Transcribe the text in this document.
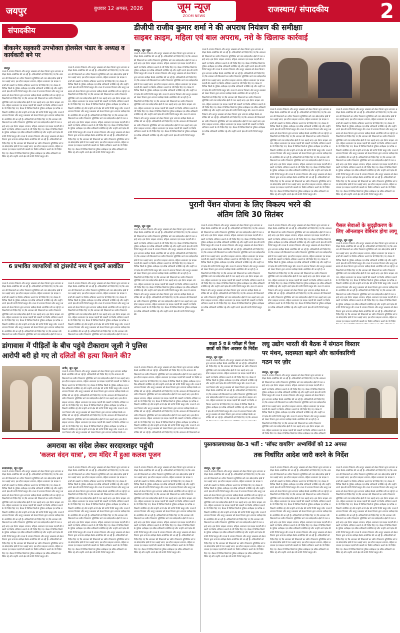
जयपुर	बुधवार 12 अगस्त, 2026	जूम न्यूज़
ZOOM NEWS
राजस्थान/ संपादकीय	2
संपादकीय
बीकानेर सहकारी उपभोक्ता होलसेल भंडार के अध्यक्ष व कार्यकारी बने पर
जयपुर
राज्य में अपराध नियंत्रण और कानून व्यवस्था को लेकर विभाग द्वारा लगातार समीक्षा बैठकें आयोजित की जा रही हैं। अधिकारियों को निर्देश दिए गए कि आमजन की शिकायतों का त्वरित निस्तारण सुनिश्चित करें तथा संवेदनशील क्षेत्रों में गश्त बढ़ाई जाए। इस दौरान साइबर अपराध, महिला अत्याचार एवं मादक पदार्थों की तस्करी पर विशेष अभियान चलाने के भी निर्देश दिए गए। बैठक में विभिन्न जिलों के पुलिस अधीक्षक एवं वरिष्ठ अधिकारी उपस्थित रहे और उन्होंने अपने क्षेत्र की प्रगति रिपोर्ट प्रस्तुत की। राज्य में अपराध नियंत्रण और कानून व्यवस्था को लेकर विभाग द्वारा लगातार समीक्षा बैठकें आयोजित की जा रही हैं। अधिकारियों को निर्देश दिए गए कि आमजन की शिकायतों का त्वरित निस्तारण सुनिश्चित करें तथा संवेदनशील क्षेत्रों में गश्त बढ़ाई जाए। इस दौरान साइबर अपराध, महिला अत्याचार एवं मादक पदार्थों की तस्करी पर विशेष अभियान चलाने के भी निर्देश दिए गए। बैठक में विभिन्न जिलों के पुलिस अधीक्षक एवं वरिष्ठ अधिकारी उपस्थित रहे और उन्होंने अपने क्षेत्र की प्रगति रिपोर्ट प्रस्तुत की। राज्य में अपराध नियंत्रण और कानून व्यवस्था को लेकर विभाग द्वारा लगातार समीक्षा बैठकें आयोजित की जा रही हैं। अधिकारियों को निर्देश दिए गए कि आमजन की शिकायतों का त्वरित निस्तारण सुनिश्चित करें तथा संवेदनशील क्षेत्रों में गश्त बढ़ाई जाए। इस दौरान साइबर अपराध, महिला अत्याचार एवं मादक पदार्थों की तस्करी पर विशेष अभियान चलाने के भी निर्देश दिए गए। बैठक में विभिन्न जिलों के पुलिस अधीक्षक एवं वरिष्ठ अधिकारी उपस्थित रहे और उन्होंने अपने क्षेत्र की प्रगति रिपोर्ट प्रस्तुत की। राज्य में अपराध नियंत्रण और कानून व्यवस्था को लेकर विभाग द्वारा लगातार समीक्षा बैठकें आयोजित की जा रही हैं। अधिकारियों को निर्देश दिए गए कि आमजन की शिकायतों का त्वरित निस्तारण सुनिश्चित करें तथा संवेदनशील क्षेत्रों में गश्त बढ़ाई जाए। इस दौरान साइबर अपराध, महिला अत्याचार एवं मादक पदार्थों की तस्करी पर विशेष अभियान चलाने के भी निर्देश दिए गए। बैठक में विभिन्न जिलों के पुलिस अधीक्षक एवं वरिष्ठ अधिकारी उपस्थित रहे और उन्होंने अपने क्षेत्र की प्रगति रिपोर्ट प्रस्तुत की।
राज्य में अपराध नियंत्रण और कानून व्यवस्था को लेकर विभाग द्वारा लगातार समीक्षा बैठकें आयोजित की जा रही हैं। अधिकारियों को निर्देश दिए गए कि आमजन की शिकायतों का त्वरित निस्तारण सुनिश्चित करें तथा संवेदनशील क्षेत्रों में गश्त बढ़ाई जाए। इस दौरान साइबर अपराध, महिला अत्याचार एवं मादक पदार्थों की तस्करी पर विशेष अभियान चलाने के भी निर्देश दिए गए। बैठक में विभिन्न जिलों के पुलिस अधीक्षक एवं वरिष्ठ अधिकारी उपस्थित रहे और उन्होंने अपने क्षेत्र की प्रगति रिपोर्ट प्रस्तुत की। राज्य में अपराध नियंत्रण और कानून व्यवस्था को लेकर विभाग द्वारा लगातार समीक्षा बैठकें आयोजित की जा रही हैं। अधिकारियों को निर्देश दिए गए कि आमजन की शिकायतों का त्वरित निस्तारण सुनिश्चित करें तथा संवेदनशील क्षेत्रों में गश्त बढ़ाई जाए। इस दौरान साइबर अपराध, महिला अत्याचार एवं मादक पदार्थों की तस्करी पर विशेष अभियान चलाने के भी निर्देश दिए गए। बैठक में विभिन्न जिलों के पुलिस अधीक्षक एवं वरिष्ठ अधिकारी उपस्थित रहे और उन्होंने अपने क्षेत्र की प्रगति रिपोर्ट प्रस्तुत की। राज्य में अपराध नियंत्रण और कानून व्यवस्था को लेकर विभाग द्वारा लगातार समीक्षा बैठकें आयोजित की जा रही हैं। अधिकारियों को निर्देश दिए गए कि आमजन की शिकायतों का त्वरित निस्तारण सुनिश्चित करें तथा संवेदनशील क्षेत्रों में गश्त बढ़ाई जाए। इस दौरान साइबर अपराध, महिला अत्याचार एवं मादक पदार्थों की तस्करी पर विशेष अभियान चलाने के भी निर्देश दिए गए। बैठक में विभिन्न जिलों के पुलिस अधीक्षक एवं वरिष्ठ अधिकारी उपस्थित रहे और उन्होंने अपने क्षेत्र की प्रगति रिपोर्ट प्रस्तुत की। राज्य में अपराध नियंत्रण और कानून व्यवस्था को लेकर विभाग द्वारा लगातार समीक्षा बैठकें आयोजित की जा रही हैं। अधिकारियों को निर्देश दिए गए कि आमजन की शिकायतों का त्वरित निस्तारण सुनिश्चित करें तथा संवेदनशील क्षेत्रों में गश्त बढ़ाई जाए। इस दौरान साइबर अपराध, महिला अत्याचार एवं मादक पदार्थों की तस्करी पर विशेष अभियान चलाने के भी निर्देश दिए गए। बैठक में विभिन्न जिलों के पुलिस अधीक्षक एवं वरिष्ठ अधिकारी उपस्थित रहे और उन्होंने अपने क्षेत्र की प्रगति रिपोर्ट प्रस्तुत की।
6 प्रभावित व्यापारियों को ट्रांसपोर्ट नगर में दुकानें आवंटित
राज्य में अपराध नियंत्रण और कानून व्यवस्था को लेकर विभाग द्वारा लगातार समीक्षा बैठकें आयोजित की जा रही हैं। अधिकारियों को निर्देश दिए गए कि आमजन की शिकायतों का त्वरित निस्तारण सुनिश्चित करें तथा संवेदनशील क्षेत्रों में गश्त बढ़ाई जाए। इस दौरान साइबर अपराध, महिला अत्याचार एवं मादक पदार्थों की तस्करी पर विशेष अभियान चलाने के भी निर्देश दिए गए। बैठक में विभिन्न जिलों के पुलिस अधीक्षक एवं वरिष्ठ अधिकारी उपस्थित रहे और उन्होंने अपने क्षेत्र की प्रगति रिपोर्ट प्रस्तुत की। राज्य में अपराध नियंत्रण और कानून व्यवस्था को लेकर विभाग द्वारा लगातार समीक्षा बैठकें आयोजित की जा रही हैं। अधिकारियों को निर्देश दिए गए कि आमजन की शिकायतों का त्वरित निस्तारण सुनिश्चित करें तथा संवेदनशील क्षेत्रों में गश्त बढ़ाई जाए। इस दौरान साइबर अपराध, महिला अत्याचार एवं मादक पदार्थों की तस्करी पर विशेष अभियान चलाने के भी निर्देश दिए गए। बैठक में विभिन्न जिलों के पुलिस अधीक्षक एवं वरिष्ठ अधिकारी उपस्थित रहे और उन्होंने अपने क्षेत्र की प्रगति रिपोर्ट प्रस्तुत की। राज्य में अपराध नियंत्रण और कानून व्यवस्था को लेकर विभाग द्वारा लगातार समीक्षा बैठकें आयोजित की जा रही हैं। अधिकारियों को निर्देश दिए गए कि आमजन की शिकायतों का त्वरित निस्तारण सुनिश्चित करें तथा संवेदनशील क्षेत्रों में गश्त ब
राज्य में अपराध नियंत्रण और कानून व्यवस्था को लेकर विभाग द्वारा लगातार समीक्षा बैठकें आयोजित की जा रही हैं। अधिकारियों को निर्देश दिए गए कि आमजन की शिकायतों का त्वरित निस्तारण सुनिश्चित करें तथा संवेदनशील क्षेत्रों में गश्त बढ़ाई जाए। इस दौरान साइबर अपराध, महिला अत्याचार एवं मादक पदार्थों की तस्करी पर विशेष अभियान चलाने के भी निर्देश दिए गए। बैठक में विभिन्न जिलों के पुलिस अधीक्षक एवं वरिष्ठ अधिकारी उपस्थित रहे और उन्होंने अपने क्षेत्र की प्रगति रिपोर्ट प्रस्तुत की। राज्य में अपराध नियंत्रण और कानून व्यवस्था को लेकर विभाग द्वारा लगातार समीक्षा बैठकें आयोजित की जा रही हैं। अधिकारियों को निर्देश दिए गए कि आमजन की शिकायतों का त्वरित निस्तारण सुनिश्चित करें तथा संवेदनशील क्षेत्रों में गश्त बढ़ाई जाए। इस दौरान साइबर अपराध, महिला अत्याचार एवं मादक पदार्थों की तस्करी पर विशेष अभियान चलाने के भी निर्देश दिए गए। बैठक में विभिन्न जिलों के पुलिस अधीक्षक एवं वरिष्ठ अधिकारी उपस्थित रहे और उन्होंने अपने क्षेत्र की प्रगति रिपोर्ट प्रस्तुत की। राज्य में अपराध नियंत्रण और कानून व्यवस्था को लेकर विभाग द्वारा लगातार समीक्षा बैठकें आयोजित की जा रही हैं। अधिकारियों को निर्देश दिए गए कि आमजन की शिकायतों का त्वरित निस्तारण सुनिश्चित करें तथा संवेदनशील क्षेत्रों में गश्त ब
डीजीपी राजीव कुमार शर्मा ने की अपराध नियंत्रण की समीक्षाः
साइबर क्राइम, महिला एवं बाल अपराध, नशे के खिलाफ कार्रवाई
जयपुर, जूम न्यूज़
राज्य में अपराध नियंत्रण और कानून व्यवस्था को लेकर विभाग द्वारा लगातार समीक्षा बैठकें आयोजित की जा रही हैं। अधिकारियों को निर्देश दिए गए कि आमजन की शिकायतों का त्वरित निस्तारण सुनिश्चित करें तथा संवेदनशील क्षेत्रों में गश्त बढ़ाई जाए। इस दौरान साइबर अपराध, महिला अत्याचार एवं मादक पदार्थों की तस्करी पर विशेष अभियान चलाने के भी निर्देश दिए गए। बैठक में विभिन्न जिलों के पुलिस अधीक्षक एवं वरिष्ठ अधिकारी उपस्थित रहे और उन्होंने अपने क्षेत्र की प्रगति रिपोर्ट प्रस्तुत की। राज्य में अपराध नियंत्रण और कानून व्यवस्था को लेकर विभाग द्वारा लगातार समीक्षा बैठकें आयोजित की जा रही हैं। अधिकारियों को निर्देश दिए गए कि आमजन की शिकायतों का त्वरित निस्तारण सुनिश्चित करें तथा संवेदनशील क्षेत्रों में गश्त बढ़ाई जाए। इस दौरान साइबर अपराध, महिला अत्याचार एवं मादक पदार्थों की तस्करी पर विशेष अभियान चलाने के भी निर्देश दिए गए। बैठक में विभिन्न जिलों के पुलिस अधीक्षक एवं वरिष्ठ अधिकारी उपस्थित रहे और उन्होंने अपने क्षेत्र की प्रगति रिपोर्ट प्रस्तुत की। राज्य में अपराध नियंत्रण और कानून व्यवस्था को लेकर विभाग द्वारा लगातार समीक्षा बैठकें आयोजित की जा रही हैं। अधिकारियों को निर्देश दिए गए कि आमजन की शिकायतों का त्वरित निस्तारण सुनिश्चित करें तथा संवेदनशील क्षेत्रों में गश्त बढ़ाई जाए। इस दौरान साइबर अपराध, महिला अत्याचार एवं मादक पदार्थों की तस्करी पर विशेष अभियान चलाने के भी निर्देश दिए गए। बैठक में विभिन्न जिलों के पुलिस अधीक्षक एवं वरिष्ठ अधिकारी उपस्थित रहे और उन्होंने अपने क्षेत्र की प्रगति रिपोर्ट प्रस्तुत की। राज्य में अपराध नियंत्रण और कानून व्यवस्था को लेकर विभाग द्वारा लगातार समीक्षा बैठकें आयोजित की जा रही हैं। अधिकारियों को निर्देश दिए गए कि आमजन की शिकायतों का त्वरित निस्तारण सुनिश्चित करें तथा संवेदनशील क्षेत्रों में गश्त बढ़ाई जाए। इस दौरान साइबर अपराध, महिला अत्याचार एवं मादक पदार्थों की तस्करी पर विशेष अभियान चलाने के भी निर्देश दिए गए। बैठक में विभिन्न जिलों के पुलिस अधीक्षक एवं वरिष्ठ अधिकारी उपस्थित रहे और उन्होंने अपने क्षेत्र की प्रगति रिपोर्ट प्रस्तुत की।
राज्य में अपराध नियंत्रण और कानून व्यवस्था को लेकर विभाग द्वारा लगातार समीक्षा बैठकें आयोजित की जा रही हैं। अधिकारियों को निर्देश दिए गए कि आमजन की शिकायतों का त्वरित निस्तारण सुनिश्चित करें तथा संवेदनशील क्षेत्रों में गश्त बढ़ाई जाए। इस दौरान साइबर अपराध, महिला अत्याचार एवं मादक पदार्थों की तस्करी पर विशेष अभियान चलाने के भी निर्देश दिए गए। बैठक में विभिन्न जिलों के पुलिस अधीक्षक एवं वरिष्ठ अधिकारी उपस्थित रहे और उन्होंने अपने क्षेत्र की प्रगति रिपोर्ट प्रस्तुत की। राज्य में अपराध नियंत्रण और कानून व्यवस्था को लेकर विभाग द्वारा लगातार समीक्षा बैठकें आयोजित की जा रही हैं। अधिकारियों को निर्देश दिए गए कि आमजन की शिकायतों का त्वरित निस्तारण सुनिश्चित करें तथा संवेदनशील क्षेत्रों में गश्त बढ़ाई जाए। इस दौरान साइबर अपराध, महिला अत्याचार एवं मादक पदार्थों की तस्करी पर विशेष अभियान चलाने के भी निर्देश दिए गए। बैठक में विभिन्न जिलों के पुलिस अधीक्षक एवं वरिष्ठ अधिकारी उपस्थित रहे और उन्होंने अपने क्षेत्र की प्रगति रिपोर्ट प्रस्तुत की। राज्य में अपराध नियंत्रण और कानून व्यवस्था को लेकर विभाग द्वारा लगातार समीक्षा बैठकें आयोजित की जा रही हैं। अधिकारियों को निर्देश दिए गए कि आमजन की शिकायतों का त्वरित निस्तारण सुनिश्चित करें तथा संवेदनशील क्षेत्रों में गश्त बढ़ाई जाए। इस दौरान साइबर अपराध, महिला अत्याचार एवं मादक पदार्थों की तस्करी पर विशेष अभियान चलाने के भी निर्देश दिए गए। बैठक में विभिन्न जिलों के पुलिस अधीक्षक एवं वरिष्ठ अधिकारी उपस्थित रहे और उन्होंने अपने क्षेत्र की प्रगति रिपोर्ट प्रस्तुत की। राज्य में अपराध नियंत्रण और कानून व्यवस्था को लेकर विभाग द्वारा लगातार समीक्षा बैठकें आयोजित की जा रही हैं। अधिकारियों को निर्देश दिए गए कि आमजन की शिकायतों का त्वरित निस्तारण सुनिश्चित करें तथा संवेदनशील क्षेत्रों में गश्त बढ़ाई जाए। इस दौरान साइबर अपराध, महिला अत्याचार एवं मादक पदार्थों की तस्करी पर विशेष अभियान चलाने के भी निर्देश दिए गए। बैठक में विभिन्न जिलों के पुलिस अधीक्षक एवं वरिष्ठ अधिकारी उपस्थित रहे और उन्होंने अपने क्षेत्र की प्रगति रिपोर्ट प्रस्तुत की।
राज्य में अपराध नियंत्रण और कानून व्यवस्था को लेकर विभाग द्वारा लगातार समीक्षा बैठकें आयोजित की जा रही हैं। अधिकारियों को निर्देश दिए गए कि आमजन की शिकायतों का त्वरित निस्तारण सुनिश्चित करें तथा संवेदनशील क्षेत्रों में गश्त बढ़ाई जाए। इस दौरान साइबर अपराध, महिला अत्याचार एवं मादक पदार्थों की तस्करी पर विशेष अभियान चलाने के भी निर्देश दिए गए। बैठक में विभिन्न जिलों के पुलिस अधीक्षक एवं वरिष्ठ अधिकारी उपस्थित रहे और उन्होंने अपने क्षेत्र की प्रगति रिपोर्ट प्रस्तुत की। राज्य में अपराध नियंत्रण और कानून व्यवस्था को लेकर विभाग द्वारा लगातार समीक्षा बैठकें आयोजित की जा रही हैं। अधिकारियों को निर्देश दिए गए कि आमजन की शिकायतों का त्वरित निस्तारण सुनिश्चित करें तथा संवेदनशील क्षेत्रों में गश्त बढ़ाई जाए। इस दौरान साइबर अपराध, महिला अत्याचार एवं मादक पदार्थों की तस्करी पर विशेष अभियान चलाने के भी निर्देश दिए गए। बैठक में विभिन्न जिलों के पुलिस अधीक्षक एवं वरिष्ठ अधिकारी उपस्थित रहे और उन्होंने अपने क्षेत्र की प्रगति रिपोर्ट प्रस्तुत की। राज्य में अपराध नियंत्रण और कानून व्यवस्था को लेकर विभाग द्वारा लगातार समीक्षा बैठकें आयोजित की जा रही हैं। अधिकारियों को निर्देश दिए गए कि आमजन की शिकायतों का त्वरित निस्तारण सुनिश्चित करें तथा संवेदनशील क्षेत्रों में गश्त बढ़ाई जाए। इस दौरान साइबर अपराध, महिला अत्याचार एवं मादक पदार्थों की तस्करी पर विशेष अभियान चलाने के भी निर्देश दिए गए। बैठक में विभिन्न जिलों के पुलिस अधीक्षक एवं वरिष्ठ अधिकारी उपस्थित रहे और उन्होंने अपने क्षेत्र की प्रगति रिपोर्ट प्रस्तुत की। राज्य में अपराध नियंत्रण और कानून व्यवस्था को लेकर विभाग द्वारा लगातार समीक्षा बैठकें आयोजित की जा रही हैं। अधिकारियों को निर्देश दिए गए कि आमजन की शिकायतों का त्वरित निस्तारण सुनिश्चित करें तथा संवेदनशील क्षेत्रों में गश्त बढ़ाई जाए। इस दौरान साइबर अपराध, महिला अत्याचार एवं मादक पदार्थों की तस्करी पर विशेष अभियान चलाने के भी निर्देश दिए गए। बैठक में विभिन्न जिलों के पुलिस अधीक्षक एवं वरिष्ठ अधिकारी उपस्थित रहे और उन्होंने अपने क्षेत्र की प्रगति रिपोर्ट प्रस्तुत की।
राज्य में अपराध नियंत्रण और कानून व्यवस्था को लेकर विभाग द्वारा लगातार समीक्षा बैठकें आयोजित की जा रही हैं। अधिकारियों को निर्देश दिए गए कि आमजन की शिकायतों का त्वरित निस्तारण सुनिश्चित करें तथा संवेदनशील क्षेत्रों में गश्त बढ़ाई जाए। इस दौरान साइबर अपराध, महिला अत्याचार एवं मादक पदार्थों की तस्करी पर विशेष अभियान चलाने के भी निर्देश दिए गए। बैठक में विभिन्न जिलों के पुलिस अधीक्षक एवं वरिष्ठ अधिकारी उपस्थित रहे और उन्होंने अपने क्षेत्र की प्रगति रिपोर्ट प्रस्तुत की। राज्य में अपराध नियंत्रण और कानून व्यवस्था को लेकर विभाग द्वारा लगातार समीक्षा बैठकें आयोजित की जा रही हैं। अधिकारियों को निर्देश दिए गए कि आमजन की शिकायतों का त्वरित निस्तारण सुनिश्चित करें तथा संवेदनशील क्षेत्रों में गश्त बढ़ाई जाए। इस दौरान साइबर अपराध, महिला अत्याचार एवं मादक पदार्थों की तस्करी पर विशेष अभियान चलाने के भी निर्देश दिए गए। बैठक में विभिन्न जिलों के पुलिस अधीक्षक एवं वरिष्ठ अधिकारी उपस्थित रहे और उन्होंने अपने क्षेत्र की प्रगति रिपोर्ट प्रस्तुत की। राज्य में अपराध नियंत्रण और कानून व्यवस्था को लेकर विभाग द्वारा लगातार समीक्षा बैठकें आयोजित की जा रही हैं। अधिकारियों को निर्देश दिए गए कि आमजन की शिकायतों का त्वरित निस्तारण सुनिश्चित करें तथा संवेदनशील क्षेत्रों में गश्त बढ़ाई जाए। इस दौरान साइबर अपराध, महिला अत्याचार एवं मादक पदार्थों की तस्करी पर विशेष अभियान चलाने के भी निर्देश दिए गए। बैठक में विभिन्न जिलों के पुलिस अधीक्षक एवं वरिष्ठ अधिकारी उपस्थित रहे और उन्होंने अपने क्षेत्र की प्रगति रिपोर्ट प्रस्तुत की। राज्य में अपराध नियंत्रण और कानून व्यवस्था को लेकर विभाग द्वारा लगातार समीक्षा बैठकें आयोजित की जा रही हैं। अधिकारियों को निर्देश दिए गए कि आमजन की शिकायतों का त्वरित निस्तारण सुनिश्चित करें तथा संवेदनशील क्षेत्रों में गश्त बढ़ाई जाए। इस दौरान साइबर अपराध, महिला अत्याचार एवं मादक पदार्थों की तस्करी पर विशेष अभियान चलाने के भी निर्देश दिए गए। बैठक में विभिन्न जिलों के पुलिस अधीक्षक एवं वरिष्ठ अधिकारी उपस्थित रहे और उन्होंने अपने क्षेत्र की प्रगति रिपोर्ट प्रस्तुत की।
पुरानी पेंशन योजना के लिए विकल्प भरने की
अंतिम तिथि 30 सितंबर
जयपुर, जूम न्यूज़
राज्य में अपराध नियंत्रण और कानून व्यवस्था को लेकर विभाग द्वारा लगातार समीक्षा बैठकें आयोजित की जा रही हैं। अधिकारियों को निर्देश दिए गए कि आमजन की शिकायतों का त्वरित निस्तारण सुनिश्चित करें तथा संवेदनशील क्षेत्रों में गश्त बढ़ाई जाए। इस दौरान साइबर अपराध, महिला अत्याचार एवं मादक पदार्थों की तस्करी पर विशेष अभियान चलाने के भी निर्देश दिए गए। बैठक में विभिन्न जिलों के पुलिस अधीक्षक एवं वरिष्ठ अधिकारी उपस्थित रहे और उन्होंने अपने क्षेत्र की प्रगति रिपोर्ट प्रस्तुत की। राज्य में अपराध नियंत्रण और कानून व्यवस्था को लेकर विभाग द्वारा लगातार समीक्षा बैठकें आयोजित की जा रही हैं। अधिकारियों को निर्देश दिए गए कि आमजन की शिकायतों का त्वरित निस्तारण सुनिश्चित करें तथा संवेदनशील क्षेत्रों में गश्त बढ़ाई जाए। इस दौरान साइबर अपराध, महिला अत्याचार एवं मादक पदार्थों की तस्करी पर विशेष अभियान चलाने के भी निर्देश दिए गए। बैठक में विभिन्न जिलों के पुलिस अधीक्षक एवं वरिष्ठ अधिकारी उपस्थित रहे और उन्होंने अपने क्षेत्र की प्रगति रिपोर्ट प्रस्तुत की। राज्य में अपराध नियंत्रण और कानून व्यवस्था को लेकर विभाग द्वारा लगातार समीक्षा बैठकें आयोजित की जा रही हैं। अधिकारियों को निर्देश दिए गए कि आमजन की शिकायतों का त्वरित निस्तारण सुनिश्चित करें तथा संवेदनशील क्षेत्रों में गश्त बढ़ाई जाए। इस दौरान साइबर अपराध, महिला अत्याचार एवं मादक पदार्थों की तस्करी पर विशेष अभियान चलाने के भी निर्देश दिए गए। बैठक में विभिन्न जिलों के पुलिस अधीक्षक एवं वरिष्ठ अधिकारी उपस्थित रहे और उन्होंने अपने क्षेत्र की प्रगति रिपोर्ट प्रस्तुत की। राज्य में अपराध नियंत्रण और कानून व्यवस्था को लेकर विभाग द्वारा लगातार समीक्षा बैठकें आयोजित की जा रही हैं। अधिकारियों को निर्देश दिए गए कि आमजन की शिकायतों का त्वरित निस्तारण सुनिश्चित करें तथा संवेदनशील क्षेत्रों में गश्त बढ़ाई जाए। इस दौरान साइबर अपराध, महिला अत्याचार एवं मादक पदार्थों की तस्करी पर विशेष अभियान चलाने के भी निर्देश दिए गए। बैठक में विभिन्न जिलों के पुलिस अधीक्षक एवं वरिष्ठ अधिकारी उपस्थित रहे और उन्होंने अपने क्षेत्र की प्रगति रिपोर्ट प्रस्तुत की।
राज्य में अपराध नियंत्रण और कानून व्यवस्था को लेकर विभाग द्वारा लगातार समीक्षा बैठकें आयोजित की जा रही हैं। अधिकारियों को निर्देश दिए गए कि आमजन की शिकायतों का त्वरित निस्तारण सुनिश्चित करें तथा संवेदनशील क्षेत्रों में गश्त बढ़ाई जाए। इस दौरान साइबर अपराध, महिला अत्याचार एवं मादक पदार्थों की तस्करी पर विशेष अभियान चलाने के भी निर्देश दिए गए। बैठक में विभिन्न जिलों के पुलिस अधीक्षक एवं वरिष्ठ अधिकारी उपस्थित रहे और उन्होंने अपने क्षेत्र की प्रगति रिपोर्ट प्रस्तुत की। राज्य में अपराध नियंत्रण और कानून व्यवस्था को लेकर विभाग द्वारा लगातार समीक्षा बैठकें आयोजित की जा रही हैं। अधिकारियों को निर्देश दिए गए कि आमजन की शिकायतों का त्वरित निस्तारण सुनिश्चित करें तथा संवेदनशील क्षेत्रों में गश्त बढ़ाई जाए। इस दौरान साइबर अपराध, महिला अत्याचार एवं मादक पदार्थों की तस्करी पर विशेष अभियान चलाने के भी निर्देश दिए गए। बैठक में विभिन्न जिलों के पुलिस अधीक्षक एवं वरिष्ठ अधिकारी उपस्थित रहे और उन्होंने अपने क्षेत्र की प्रगति रिपोर्ट प्रस्तुत की। राज्य में अपराध नियंत्रण और कानून व्यवस्था को लेकर विभाग द्वारा लगातार समीक्षा बैठकें आयोजित की जा रही हैं। अधिकारियों को निर्देश दिए गए कि आमजन की शिकायतों का त्वरित निस्तारण सुनिश्चित करें तथा संवेदनशील क्षेत्रों में गश्त बढ़ाई जाए। इस दौरान साइबर अपराध, महिला अत्याचार एवं मादक पदार्थों की तस्करी पर विशेष अभियान चलाने के भी निर्देश दिए गए। बैठक में विभिन्न जिलों के पुलिस अधीक्षक एवं वरिष्ठ अधिकारी उपस्थित रहे और उन्होंने अपने क्षेत्र की प्रगति रिपोर्ट प्रस्तुत की। राज्य में अपराध नियंत्रण और कानून व्यवस्था को लेकर विभाग द्वारा लगातार समीक्षा बैठकें आयोजित की जा रही हैं। अधिकारियों को निर्देश दिए गए कि आमजन की शिकायतों का त्वरित निस्तारण सुनिश्चित करें तथा संवेदनशील क्षेत्रों में गश्त बढ़ाई जाए। इस दौरान साइबर अपराध, महिला अत्याचार एवं मादक पदार्थों की तस्करी पर विशेष अभियान चलाने के भी निर्देश दिए गए। बैठक में विभिन्न जिलों के पुलिस अधीक्षक एवं वरिष्ठ अधिकारी उपस्थित रहे और उन्होंने अपने क्षेत्र की प्रगति रिपोर्ट प्रस्तुत की।
राज्य में अपराध नियंत्रण और कानून व्यवस्था को लेकर विभाग द्वारा लगातार समीक्षा बैठकें आयोजित की जा रही हैं। अधिकारियों को निर्देश दिए गए कि आमजन की शिकायतों का त्वरित निस्तारण सुनिश्चित करें तथा संवेदनशील क्षेत्रों में गश्त बढ़ाई जाए। इस दौरान साइबर अपराध, महिला अत्याचार एवं मादक पदार्थों की तस्करी पर विशेष अभियान चलाने के भी निर्देश दिए गए। बैठक में विभिन्न जिलों के पुलिस अधीक्षक एवं वरिष्ठ अधिकारी उपस्थित रहे और उन्होंने अपने क्षेत्र की प्रगति रिपोर्ट प्रस्तुत की। राज्य में अपराध नियंत्रण और कानून व्यवस्था को लेकर विभाग द्वारा लगातार समीक्षा बैठकें आयोजित की जा रही हैं। अधिकारियों को निर्देश दिए गए कि आमजन की शिकायतों का त्वरित निस्तारण सुनिश्चित करें तथा संवेदनशील क्षेत्रों में गश्त बढ़ाई जाए। इस दौरान साइबर अपराध, महिला अत्याचार एवं मादक पदार्थों की तस्करी पर विशेष अभियान चलाने के भी निर्देश दिए गए। बैठक में विभिन्न जिलों के पुलिस अधीक्षक एवं वरिष्ठ अधिकारी उपस्थित रहे और उन्होंने अपने क्षेत्र की प्रगति रिपोर्ट प्रस्तुत की। राज्य में अपराध नियंत्रण और कानून व्यवस्था को लेकर विभाग द्वारा लगातार समीक्षा बैठकें आयोजित की जा रही हैं। अधिकारियों को निर्देश दिए गए कि आमजन की शिकायतों का त्वरित निस्तारण सुनिश्चित करें तथा संवेदनशील क्षेत्रों में गश्त बढ़ाई जाए। इस दौरान साइबर अपराध, महिला अत्याचार एवं मादक पदार्थों की तस्करी पर विशेष अभियान चलाने के भी निर्देश दिए गए। बैठक में विभिन्न जिलों के पुलिस अधीक्षक एवं वरिष्ठ अधिकारी उपस्थित रहे और उन्होंने अपने क्षेत्र की प्रगति रिपोर्ट प्रस्तुत की। राज्य में अपराध नियंत्रण और कानून व्यवस्था को लेकर विभाग द्वारा लगातार समीक्षा बैठकें आयोजित की जा रही हैं। अधिकारियों को निर्देश दिए गए कि आमजन की शिकायतों का त्वरित निस्तारण सुनिश्चित करें तथा संवेदनशील क्षेत्रों में गश्त बढ़ाई जाए। इस दौरान साइबर अपराध, महिला अत्याचार एवं मादक पदार्थों की तस्करी पर विशेष अभियान चलाने के भी निर्देश दिए गए। बैठक में विभिन्न जिलों के पुलिस अधीक्षक एवं वरिष्ठ अधिकारी उपस्थित रहे और उन्होंने अपने क्षेत्र की प्रगति रिपोर्ट प्रस्तुत की।
पैसल सेवाओं के सुदृढ़ीकरण के लिए ऑनलाइन वेबिनार होगा लागू
जयपुर, जूम न्यूज़
राज्य में अपराध नियंत्रण और कानून व्यवस्था को लेकर विभाग द्वारा लगातार समीक्षा बैठकें आयोजित की जा रही हैं। अधिकारियों को निर्देश दिए गए कि आमजन की शिकायतों का त्वरित निस्तारण सुनिश्चित करें तथा संवेदनशील क्षेत्रों में गश्त बढ़ाई जाए। इस दौरान साइबर अपराध, महिला अत्याचार एवं मादक पदार्थों की तस्करी पर विशेष अभियान चलाने के भी निर्देश दिए गए। बैठक में विभिन्न जिलों के पुलिस अधीक्षक एवं वरिष्ठ अधिकारी उपस्थित रहे और उन्होंने अपने क्षेत्र की प्रगति रिपोर्ट प्रस्तुत की। राज्य में अपराध नियंत्रण और कानून व्यवस्था को लेकर विभाग द्वारा लगातार समीक्षा बैठकें आयोजित की जा रही हैं। अधिकारियों को निर्देश दिए गए कि आमजन की शिकायतों का त्वरित निस्तारण सुनिश्चित करें तथा संवेदनशील क्षेत्रों में गश्त बढ़ाई जाए। इस दौरान साइबर अपराध, महिला अत्याचार एवं मादक पदार्थों की तस्करी पर विशेष अभियान चलाने के भी निर्देश दिए गए। बैठक में विभिन्न जिलों के पुलिस अधीक्षक एवं वरिष्ठ अधिकारी उपस्थित रहे और उन्होंने अपने क्षेत्र की प्रगति रिपोर्ट प्रस्तुत की। राज्य में अपराध नियंत्रण और कानून व्यवस्था को लेकर विभाग द्वारा लगातार समीक्षा बैठकें आयोजित की जा रही हैं। अधिकारियों को निर्देश दिए गए कि आमजन की शिकायतों का त्वरित निस्तारण सुनिश्चित करें तथा संवेदनशील क्षेत्रों में गश्त बढ़ाई जाए। इस दौरान साइबर अपराध, महिला अत्याचार एवं मादक पदार्थों की तस्करी पर विशेष अभियान चलाने के भी निर्देश दिए गए। बैठक में विभिन्न जिलों के पुलिस अधीक्षक एवं वरिष्ठ अधिकारी उपस्थित रहे और उन्होंने अपने क्षेत्र की प्रगति रिपोर्ट प्रस्तुत की। राज्य में अपराध नियंत्रण और कानून व्यवस्था को लेकर विभाग द्वारा लगातार समीक्षा बैठकें आयोजित की जा रही हैं। अधिकारियों को निर्देश दिए गए कि आमजन की शिकायतों का त्वरित निस्तारण सुनिश्चित करें तथा संवेदनशील क्षेत्रों में गश्त बढ़ाई जाए। इस दौरान साइबर अपराध, महिला अत्याचार एवं मादक पदार्थों की तस्करी पर विशेष अभियान चलाने के भी निर्देश
डांगावास में पीड़ितों के बीच पहुंचे टीकाराम जूली ने पुलिस
आरोपी बरी हो गए तो दलितों की हत्या किसने की?
नागौर, जूम न्यूज़
राज्य में अपराध नियंत्रण और कानून व्यवस्था को लेकर विभाग द्वारा लगातार समीक्षा बैठकें आयोजित की जा रही हैं। अधिकारियों को निर्देश दिए गए कि आमजन की शिकायतों का त्वरित निस्तारण सुनिश्चित करें तथा संवेदनशील क्षेत्रों में गश्त बढ़ाई जाए। इस दौरान साइबर अपराध, महिला अत्याचार एवं मादक पदार्थों की तस्करी पर विशेष अभियान चलाने के भी निर्देश दिए गए। बैठक में विभिन्न जिलों के पुलिस अधीक्षक एवं वरिष्ठ अधिकारी उपस्थित रहे और उन्होंने अपने क्षेत्र की प्रगति रिपोर्ट प्रस्तुत की। राज्य में अपराध नियंत्रण और कानून व्यवस्था को लेकर विभाग द्वारा लगातार समीक्षा बैठकें आयोजित की जा रही हैं। अधिकारियों को निर्देश दिए गए कि आमजन की शिकायतों का त्वरित निस्तारण सुनिश्चित करें तथा संवेदनशील क्षेत्रों में गश्त बढ़ाई जाए। इस दौरान साइबर अपराध, महिला अत्याचार एवं मादक पदार्थों की तस्करी पर विशेष अभियान चलाने के भी निर्देश दिए गए। बैठक में विभिन्न जिलों के पुलिस अधीक्षक एवं वरिष्ठ अधिकारी उपस्थित रहे और उन्होंने अपने क्षेत्र की प्रगति रिपोर्ट प्रस्तुत की। राज्य में अपराध नियंत्रण और कानून व्यवस्था को लेकर विभाग द्वारा लगातार समीक्षा बैठकें आयोजित की जा रही हैं। अधिकारियों को निर्देश दिए गए कि आमजन की शिकायतों का त्वरित निस्तारण सुनिश्चित करें तथा संवेदनशील क्षेत्रों में गश्त बढ़ाई जाए। इस दौरान साइबर अपराध, महिला अत्याचार एवं मादक पदार्थों की तस्करी पर विशेष अभियान चलाने के भी निर्देश दिए गए। बैठक में विभिन्न जिलों के पुलिस अधीक्षक एवं वरिष्ठ अधिकारी उपस्थित रहे और उन्होंने अपने क्षेत्र की प्रगति रिपोर्ट प्रस्तुत की। राज्य में अपराध नियंत्रण और कानून व्यवस्था को लेकर विभाग द्वारा लगातार समीक्षा बैठकें आ
राज्य में अपराध नियंत्रण और कानून व्यवस्था को लेकर विभाग द्वारा लगातार समीक्षा बैठकें आयोजित की जा रही हैं। अधिकारियों को निर्देश दिए गए कि आमजन की शिकायतों का त्वरित निस्तारण सुनिश्चित करें तथा संवेदनशील क्षेत्रों में गश्त बढ़ाई जाए। इस दौरान साइबर अपराध, महिला अत्याचार एवं मादक पदार्थों की तस्करी पर विशेष अभियान चलाने के भी निर्देश दिए गए। बैठक में विभिन्न जिलों के पुलिस अधीक्षक एवं वरिष्ठ अधिकारी उपस्थित रहे और उन्होंने अपने क्षेत्र की प्रगति रिपोर्ट प्रस्तुत की। राज्य में अपराध नियंत्रण और कानून व्यवस्था को लेकर विभाग द्वारा लगातार समीक्षा बैठकें आयोजित की जा रही हैं। अधिकारियों को निर्देश दिए गए कि आमजन की शिकायतों का त्वरित निस्तारण सुनिश्चित करें तथा संवेदनशील क्षेत्रों में गश्त बढ़ाई जाए। इस दौरान साइबर अपराध, महिला अत्याचार एवं मादक पदार्थों की तस्करी पर विशेष अभियान चलाने के भी निर्देश दिए गए। बैठक में विभिन्न जिलों के पुलिस अधीक्षक एवं वरिष्ठ अधिकारी उपस्थित रहे और उन्होंने अपने क्षेत्र की प्रगति रिपोर्ट प्रस्तुत की। राज्य में अपराध नियंत्रण और कानून व्यवस्था को लेकर विभाग द्वारा लगातार समीक्षा बैठकें आयोजित की जा रही हैं। अधिकारियों को निर्देश दिए गए कि आमजन की शिकायतों का त्वरित निस्तारण सुनिश्चित करें तथा संवेदनशील क्षेत्रों में गश्त बढ़ाई जाए। इस दौरान साइबर अपराध, महिला अत्याचार एवं मादक पदार्थों की तस्करी पर विशेष अभियान चलाने के भी निर्देश दिए गए। बैठक में विभिन्न जिलों के पुलिस अधीक्षक एवं वरिष्ठ अधिकारी उपस्थित रहे और उन्होंने अपने क्षेत्र की प्रगति रिपोर्ट प्रस्तुत की। राज्य में अपराध नियंत्रण और कानून व्यवस्था को लेकर विभाग द्वारा लगातार समीक्षा बैठकें आयोजित की जा रही हैं। अधिकारियों को निर्देश दिए गए कि आमजन की शिकायतों का
कक्षा 5 व 8 परीक्षा में फेल छात्रों को फिर अवसर के निर्देश
जयपुर, जूम न्यूज़
राज्य में अपराध नियंत्रण और कानून व्यवस्था को लेकर विभाग द्वारा लगातार समीक्षा बैठकें आयोजित की जा रही हैं। अधिकारियों को निर्देश दिए गए कि आमजन की शिकायतों का त्वरित निस्तारण सुनिश्चित करें तथा संवेदनशील क्षेत्रों में गश्त बढ़ाई जाए। इस दौरान साइबर अपराध, महिला अत्याचार एवं मादक पदार्थों की तस्करी पर विशेष अभियान चलाने के भी निर्देश दिए गए। बैठक में विभिन्न जिलों के पुलिस अधीक्षक एवं वरिष्ठ अधिकारी उपस्थित रहे और उन्होंने अपने क्षेत्र की प्रगति रिपोर्ट प्रस्तुत की। राज्य में अपराध नियंत्रण और कानून व्यवस्था को लेकर विभाग द्वारा लगातार समीक्षा बैठकें आयोजित की जा रही हैं। अधिकारियों को निर्देश दिए गए कि आमजन की शिकायतों का त्वरित निस्तारण सुनिश्चित करें तथा संवेदनशील क्षेत्रों में गश्त बढ़ाई जाए। इस दौरान साइबर अपराध, महिला अत्याचार एवं मादक पदार्थों की तस्करी पर विशेष अभियान चलाने के भी निर्देश दिए गए। बैठक में विभिन्न जिलों के पुलिस अधीक्षक एवं वरिष्ठ अधिकारी उपस्थित रहे और उन्होंने अपने क्षेत्र की प्रगति रिपोर्ट प्रस्तुत की। राज्य में अपराध नियंत्रण और कानून व्यवस्था को लेकर विभाग द्वारा लगातार समीक्षा बैठकें आयोजित की जा रही हैं। अधिकारियों को निर्देश दिए गए कि आमजन
लघु उद्योग भारती की बैठक में संगठन विस्तार
पर मंथन, सदस्यता बढ़ाने और कार्यकारिणी
गठन पर ज़ोर
जयपुर, जूम न्यूज़
राज्य में अपराध नियंत्रण और कानून व्यवस्था को लेकर विभाग द्वारा लगातार समीक्षा बैठकें आयोजित की जा रही हैं। अधिकारियों को निर्देश दिए गए कि आमजन की शिकायतों का त्वरित निस्तारण सुनिश्चित करें तथा संवेदनशील क्षेत्रों में गश्त बढ़ाई जाए। इस दौरान साइबर अपराध, महिला अत्याचार एवं मादक पदार्थों की तस्करी पर विशेष अभियान चलाने के भी निर्देश दिए गए। बैठक में विभिन्न जिलों के पुलिस अधीक्षक एवं वरिष्ठ अधिकारी उपस्थित रहे और उन्होंने अपने क्षेत्र की प्रगति रिपोर्ट प्रस्तुत की। राज्य में अपराध नियंत्रण और कानून व्यवस्था को लेकर विभाग द्वारा लगातार समीक्षा बैठकें आयोजित की जा रही हैं। अधिकारियों को निर्देश दिए गए कि आमजन की शिकायतों का त्वरित निस्तारण सुनिश्चित करें तथा संवेदनशील क्षेत्रों में गश्त बढ़ाई जाए। इस दौरान साइबर अपराध, महिला अत्याचार एवं मादक पदार्थों की तस्करी पर विशेष अभियान चलाने के भी निर्देश दिए गए। बैठक में विभिन्न जिलों के पुलिस अधीक्षक एवं वरिष्ठ अधिकारी उपस्थित रहे और उन्होंने अपने क्षेत्र की प्रगति रिपोर्ट प्रस्तुत की। राज्य में अपराध नियंत्रण और कानून व्यवस्था को लेकर विभाग द्वारा लगातार समीक्षा बैठकें आयोजित की जा रही हैं। अधिकारियों को निर्देश दिए गए कि आमजन की शिकायतों का त्वरित निस्तारण सुनिश्चित करें तथा संवेदनशील क्षेत्रों में गश्त बढ़ाई जाए। इस दौरान साइबर अपराध, महिला अत्याचार एवं मादक पदार्थों की तस्करी पर विशेष अभियान चलाने के भी निर्देश दिए गए। बैठक में विभिन्न जिलों के पुलिस अधीक्षक एवं वरिष्ठ अधिकारी
अमरावा का संदेश लेकर सरदारशहर पहुंची
'कलश वंदन यात्रा', राम मंदिर में हुआ कलश पूजन
सरदारशहर, जूम न्यूज़
राज्य में अपराध नियंत्रण और कानून व्यवस्था को लेकर विभाग द्वारा लगातार समीक्षा बैठकें आयोजित की जा रही हैं। अधिकारियों को निर्देश दिए गए कि आमजन की शिकायतों का त्वरित निस्तारण सुनिश्चित करें तथा संवेदनशील क्षेत्रों में गश्त बढ़ाई जाए। इस दौरान साइबर अपराध, महिला अत्याचार एवं मादक पदार्थों की तस्करी पर विशेष अभियान चलाने के भी निर्देश दिए गए। बैठक में विभिन्न जिलों के पुलिस अधीक्षक एवं वरिष्ठ अधिकारी उपस्थित रहे और उन्होंने अपने क्षेत्र की प्रगति रिपोर्ट प्रस्तुत की। राज्य में अपराध नियंत्रण और कानून व्यवस्था को लेकर विभाग द्वारा लगातार समीक्षा बैठकें आयोजित की जा रही हैं। अधिकारियों को निर्देश दिए गए कि आमजन की शिकायतों का त्वरित निस्तारण सुनिश्चित करें तथा संवेदनशील क्षेत्रों में गश्त बढ़ाई जाए। इस दौरान साइबर अपराध, महिला अत्याचार एवं मादक पदार्थों की तस्करी पर विशेष अभियान चलाने के भी निर्देश दिए गए। बैठक में विभिन्न जिलों के पुलिस अधीक्षक एवं वरिष्ठ अधिकारी उपस्थित रहे और उन्होंने अपने क्षेत्र की प्रगति रिपोर्ट प्रस्तुत की। राज्य में अपराध नियंत्रण और कानून व्यवस्था को लेकर विभाग द्वारा लगातार समीक्षा बैठकें आयोजित की जा रही हैं। अधिकारियों को निर्देश दिए गए कि आमजन की शिकायतों का त्वरित निस्तारण सुनिश्चित करें तथा संवेदनशील क्षेत्रों में गश्त बढ़ाई जाए। इस दौरान साइबर अपराध, महिला अत्याचार एवं मादक पदार्थों की तस्करी पर विशेष अभियान चलाने के भी निर्देश दिए गए। बैठक में विभिन्न जिलों के पुलिस अधीक्षक एवं वरिष्ठ अधिकारी उपस्थित रहे और उन्होंने अपने क्षेत्र की प्रगति रिपोर्ट प्रस्तुत की। राज्य में अपराध नियंत्रण और कानून व्यवस्था को लेकर विभाग द्वारा लगातार समीक्षा बैठकें आयोजित की जा रही हैं। अधिकारियों को निर्देश दिए गए कि आमजन की शिकायतों का त्वरित निस्तारण सुनिश्चित करें तथा संवेदनशील क्षेत्रों में गश्त बढ़ाई जाए। इस दौरान साइबर अपराध, महिला अत्याचार एवं मादक पदार्थों की तस्करी पर विशेष अभियान चलाने के भी निर्देश दिए गए। बैठक में विभिन्न जिलों के पुलिस अधीक्षक एवं वरिष्ठ अधिकारी उपस्थित रहे और उन्होंने अपने क्षेत्र की प्रगति रिपोर्ट प्रस्तुत की।
राज्य में अपराध नियंत्रण और कानून व्यवस्था को लेकर विभाग द्वारा लगातार समीक्षा बैठकें आयोजित की जा रही हैं। अधिकारियों को निर्देश दिए गए कि आमजन की शिकायतों का त्वरित निस्तारण सुनिश्चित करें तथा संवेदनशील क्षेत्रों में गश्त बढ़ाई जाए। इस दौरान साइबर अपराध, महिला अत्याचार एवं मादक पदार्थों की तस्करी पर विशेष अभियान चलाने के भी निर्देश दिए गए। बैठक में विभिन्न जिलों के पुलिस अधीक्षक एवं वरिष्ठ अधिकारी उपस्थित रहे और उन्होंने अपने क्षेत्र की प्रगति रिपोर्ट प्रस्तुत की। राज्य में अपराध नियंत्रण और कानून व्यवस्था को लेकर विभाग द्वारा लगातार समीक्षा बैठकें आयोजित की जा रही हैं। अधिकारियों को निर्देश दिए गए कि आमजन की शिकायतों का त्वरित निस्तारण सुनिश्चित करें तथा संवेदनशील क्षेत्रों में गश्त बढ़ाई जाए। इस दौरान साइबर अपराध, महिला अत्याचार एवं मादक पदार्थों की तस्करी पर विशेष अभियान चलाने के भी निर्देश दिए गए। बैठक में विभिन्न जिलों के पुलिस अधीक्षक एवं वरिष्ठ अधिकारी उपस्थित रहे और उन्होंने अपने क्षेत्र की प्रगति रिपोर्ट प्रस्तुत की। राज्य में अपराध नियंत्रण और कानून व्यवस्था को लेकर विभाग द्वारा लगातार समीक्षा बैठकें आयोजित की जा रही हैं। अधिकारियों को निर्देश दिए गए कि आमजन की शिकायतों का त्वरित निस्तारण सुनिश्चित करें तथा संवेदनशील क्षेत्रों में गश्त बढ़ाई जाए। इस दौरान साइबर अपराध, महिला अत्याचार एवं मादक पदार्थों की तस्करी पर विशेष अभियान चलाने के भी निर्देश दिए गए। बैठक में विभिन्न जिलों के पुलिस अधीक्षक एवं वरिष्ठ अधिकारी उपस्थित रहे और उन्होंने अपने क्षेत्र की प्रगति रिपोर्ट प्रस्तुत की। राज्य में अपराध नियंत्रण और कानून व्यवस्था को लेकर विभाग द्वारा लगातार समीक्षा बैठकें आयोजित की जा रही हैं। अधिकारियों को निर्देश दिए गए कि आमजन की शिकायतों का त्वरित निस्तारण सुनिश्चित करें तथा संवेदनशील क्षेत्रों में गश्त बढ़ाई जाए। इस दौरान साइबर अपराध, महिला अत्याचार एवं मादक पदार्थों की तस्करी पर विशेष अभियान चलाने के भी निर्देश दिए गए। बैठक में विभिन्न जिलों के पुलिस अधीक्षक एवं वरिष्ठ अधिकारी उपस्थित रहे और उन्होंने अपने क्षेत्र की प्रगति रिपोर्ट प्रस्तुत की।
राज्य में अपराध नियंत्रण और कानून व्यवस्था को लेकर विभाग द्वारा लगातार समीक्षा बैठकें आयोजित की जा रही हैं। अधिकारियों को निर्देश दिए गए कि आमजन की शिकायतों का त्वरित निस्तारण सुनिश्चित करें तथा संवेदनशील क्षेत्रों में गश्त बढ़ाई जाए। इस दौरान साइबर अपराध, महिला अत्याचार एवं मादक पदार्थों की तस्करी पर विशेष अभियान चलाने के भी निर्देश दिए गए। बैठक में विभिन्न जिलों के पुलिस अधीक्षक एवं वरिष्ठ अधिकारी उपस्थित रहे और उन्होंने अपने क्षेत्र की प्रगति रिपोर्ट प्रस्तुत की। राज्य में अपराध नियंत्रण और कानून व्यवस्था को लेकर विभाग द्वारा लगातार समीक्षा बैठकें आयोजित की जा रही हैं। अधिकारियों को निर्देश दिए गए कि आमजन की शिकायतों का त्वरित निस्तारण सुनिश्चित करें तथा संवेदनशील क्षेत्रों में गश्त बढ़ाई जाए। इस दौरान साइबर अपराध, महिला अत्याचार एवं मादक पदार्थों की तस्करी पर विशेष अभियान चलाने के भी निर्देश दिए गए। बैठक में विभिन्न जिलों के पुलिस अधीक्षक एवं वरिष्ठ अधिकारी उपस्थित रहे और उन्होंने अपने क्षेत्र की प्रगति रिपोर्ट प्रस्तुत की। राज्य में अपराध नियंत्रण और कानून व्यवस्था को लेकर विभाग द्वारा लगातार समीक्षा बैठकें आयोजित की जा रही हैं। अधिकारियों को निर्देश दिए गए कि आमजन की शिकायतों का त्वरित निस्तारण सुनिश्चित करें तथा संवेदनशील क्षेत्रों में गश्त बढ़ाई जाए। इस दौरान साइबर अपराध, महिला अत्याचार एवं मादक पदार्थों की तस्करी पर विशेष अभियान चलाने के भी निर्देश दिए गए। बैठक में विभिन्न जिलों के पुलिस अधीक्षक एवं वरिष्ठ अधिकारी उपस्थित रहे और उन्होंने अपने क्षेत्र की प्रगति रिपोर्ट प्रस्तुत की। राज्य में अपराध नियंत्रण और कानून व्यवस्था को लेकर विभाग द्वारा लगातार समीक्षा बैठकें आयोजित की जा रही हैं। अधिकारियों को निर्देश दिए गए कि आमजन की शिकायतों का त्वरित निस्तारण सुनिश्चित करें तथा संवेदनशील क्षेत्रों में गश्त बढ़ाई जाए। इस दौरान साइबर अपराध, महिला अत्याचार एवं मादक पदार्थों की तस्करी पर विशेष अभियान चलाने के भी निर्देश दिए गए। बैठक में विभिन्न जिलों के पुलिस अधीक्षक एवं वरिष्ठ अधिकारी उपस्थित रहे और उन्होंने अपने क्षेत्र की प्रगति रिपोर्ट प्रस्तुत की।
पुस्तकालयाध्यक्ष ग्रेड-3 भर्ती : 'सॉफ्ट वायरिंग' अभ्यर्थियों को 12 अगस्त
तक निर्धारित आदेश जारी करने के निर्देश
जयपुर, जूम न्यूज़
राज्य में अपराध नियंत्रण और कानून व्यवस्था को लेकर विभाग द्वारा लगातार समीक्षा बैठकें आयोजित की जा रही हैं। अधिकारियों को निर्देश दिए गए कि आमजन की शिकायतों का त्वरित निस्तारण सुनिश्चित करें तथा संवेदनशील क्षेत्रों में गश्त बढ़ाई जाए। इस दौरान साइबर अपराध, महिला अत्याचार एवं मादक पदार्थों की तस्करी पर विशेष अभियान चलाने के भी निर्देश दिए गए। बैठक में विभिन्न जिलों के पुलिस अधीक्षक एवं वरिष्ठ अधिकारी उपस्थित रहे और उन्होंने अपने क्षेत्र की प्रगति रिपोर्ट प्रस्तुत की। राज्य में अपराध नियंत्रण और कानून व्यवस्था को लेकर विभाग द्वारा लगातार समीक्षा बैठकें आयोजित की जा रही हैं। अधिकारियों को निर्देश दिए गए कि आमजन की शिकायतों का त्वरित निस्तारण सुनिश्चित करें तथा संवेदनशील क्षेत्रों में गश्त बढ़ाई जाए। इस दौरान साइबर अपराध, महिला अत्याचार एवं मादक पदार्थों की तस्करी पर विशेष अभियान चलाने के भी निर्देश दिए गए। बैठक में विभिन्न जिलों के पुलिस अधीक्षक एवं वरिष्ठ अधिकारी उपस्थित रहे और उन्होंने अपने क्षेत्र की प्रगति रिपोर्ट प्रस्तुत की। राज्य में अपराध नियंत्रण और कानून व्यवस्था को लेकर विभाग द्वारा लगातार समीक्षा बैठकें आयोजित की जा रही हैं। अधिकारियों को निर्देश दिए गए कि आमजन की शिकायतों का त्वरित निस्तारण सुनिश्चित करें तथा संवेदनशील क्षेत्रों में गश्त बढ़ाई जाए। इस दौरान साइबर अपराध, महिला अत्याचार एवं मादक पदार्थों की तस्करी पर विशेष अभियान चलाने के भी निर्देश दिए गए। बैठक में विभिन्न जिलों के पुलिस अधीक्षक एवं वरिष्ठ अधिकारी उपस्थित रहे और उन्होंने अपने क्षेत्र की प्रगति रिपोर्ट प्रस्तुत की। राज्य में अपराध नियंत्रण और कानून व्यवस्था को लेकर विभाग द्वारा लगातार समीक्षा बैठकें आयोजित की जा रही हैं। अधिकारियों को निर्देश दिए गए कि आमजन की शिकायतों का त्वरित निस्तारण सुनिश्चित करें तथा संवेदनशील क्षेत्रों में गश्त बढ़ाई जाए। इस दौरान साइबर अपराध, महिला अत्याचार एवं मादक पदार्थों की तस्करी पर विशेष अभियान चलाने के भी निर्देश दिए गए। बैठक में विभिन्न जिलों के पुलिस अधीक्षक एवं वरिष्ठ अधिकारी उपस्थित रहे और उन्होंने अपने क्षेत्र की प्रगति रिपोर्ट प्रस्तुत की।
राज्य में अपराध नियंत्रण और कानून व्यवस्था को लेकर विभाग द्वारा लगातार समीक्षा बैठकें आयोजित की जा रही हैं। अधिकारियों को निर्देश दिए गए कि आमजन की शिकायतों का त्वरित निस्तारण सुनिश्चित करें तथा संवेदनशील क्षेत्रों में गश्त बढ़ाई जाए। इस दौरान साइबर अपराध, महिला अत्याचार एवं मादक पदार्थों की तस्करी पर विशेष अभियान चलाने के भी निर्देश दिए गए। बैठक में विभिन्न जिलों के पुलिस अधीक्षक एवं वरिष्ठ अधिकारी उपस्थित रहे और उन्होंने अपने क्षेत्र की प्रगति रिपोर्ट प्रस्तुत की। राज्य में अपराध नियंत्रण और कानून व्यवस्था को लेकर विभाग द्वारा लगातार समीक्षा बैठकें आयोजित की जा रही हैं। अधिकारियों को निर्देश दिए गए कि आमजन की शिकायतों का त्वरित निस्तारण सुनिश्चित करें तथा संवेदनशील क्षेत्रों में गश्त बढ़ाई जाए। इस दौरान साइबर अपराध, महिला अत्याचार एवं मादक पदार्थों की तस्करी पर विशेष अभियान चलाने के भी निर्देश दिए गए। बैठक में विभिन्न जिलों के पुलिस अधीक्षक एवं वरिष्ठ अधिकारी उपस्थित रहे और उन्होंने अपने क्षेत्र की प्रगति रिपोर्ट प्रस्तुत की। राज्य में अपराध नियंत्रण और कानून व्यवस्था को लेकर विभाग द्वारा लगातार समीक्षा बैठकें आयोजित की जा रही हैं। अधिकारियों को निर्देश दिए गए कि आमजन की शिकायतों का त्वरित निस्तारण सुनिश्चित करें तथा संवेदनशील क्षेत्रों में गश्त बढ़ाई जाए। इस दौरान साइबर अपराध, महिला अत्याचार एवं मादक पदार्थों की तस्करी पर विशेष अभियान चलाने के भी निर्देश दिए गए। बैठक में विभिन्न जिलों के पुलिस अधीक्षक एवं वरिष्ठ अधिकारी उपस्थित रहे और उन्होंने अपने क्षेत्र की प्रगति रिपोर्ट प्रस्तुत की। राज्य में अपराध नियंत्रण और कानून व्यवस्था को लेकर विभाग द्वारा लगातार समीक्षा बैठकें आयोजित की जा रही हैं। अधिकारियों को निर्देश दिए गए कि आमजन की शिकायतों का त्वरित निस्तारण सुनिश्चित करें तथा संवेदनशील क्षेत्रों में गश्त बढ़ाई जाए। इस दौरान साइबर अपराध, महिला अत्याचार एवं मादक पदार्थों की तस्करी पर विशेष अभियान चलाने के भी निर्देश दिए गए। बैठक में विभिन्न जिलों के पुलिस अधीक्षक एवं वरिष्ठ अधिकारी उपस्थित रहे और उन्होंने अपने क्षेत्र की प्रगति रिपोर्ट प्रस्तुत की।
राज्य में अपराध नियंत्रण और कानून व्यवस्था को लेकर विभाग द्वारा लगातार समीक्षा बैठकें आयोजित की जा रही हैं। अधिकारियों को निर्देश दिए गए कि आमजन की शिकायतों का त्वरित निस्तारण सुनिश्चित करें तथा संवेदनशील क्षेत्रों में गश्त बढ़ाई जाए। इस दौरान साइबर अपराध, महिला अत्याचार एवं मादक पदार्थों की तस्करी पर विशेष अभियान चलाने के भी निर्देश दिए गए। बैठक में विभिन्न जिलों के पुलिस अधीक्षक एवं वरिष्ठ अधिकारी उपस्थित रहे और उन्होंने अपने क्षेत्र की प्रगति रिपोर्ट प्रस्तुत की। राज्य में अपराध नियंत्रण और कानून व्यवस्था को लेकर विभाग द्वारा लगातार समीक्षा बैठकें आयोजित की जा रही हैं। अधिकारियों को निर्देश दिए गए कि आमजन की शिकायतों का त्वरित निस्तारण सुनिश्चित करें तथा संवेदनशील क्षेत्रों में गश्त बढ़ाई जाए। इस दौरान साइबर अपराध, महिला अत्याचार एवं मादक पदार्थों की तस्करी पर विशेष अभियान चलाने के भी निर्देश दिए गए। बैठक में विभिन्न जिलों के पुलिस अधीक्षक एवं वरिष्ठ अधिकारी उपस्थित रहे और उन्होंने अपने क्षेत्र की प्रगति रिपोर्ट प्रस्तुत की। राज्य में अपराध नियंत्रण और कानून व्यवस्था को लेकर विभाग द्वारा लगातार समीक्षा बैठकें आयोजित की जा रही हैं। अधिकारियों को निर्देश दिए गए कि आमजन की शिकायतों का त्वरित निस्तारण सुनिश्चित करें तथा संवेदनशील क्षेत्रों में गश्त बढ़ाई जाए। इस दौरान साइबर अपराध, महिला अत्याचार एवं मादक पदार्थों की तस्करी पर विशेष अभियान चलाने के भी निर्देश दिए गए। बैठक में विभिन्न जिलों के पुलिस अधीक्षक एवं वरिष्ठ अधिकारी उपस्थित रहे और उन्होंने अपने क्षेत्र की प्रगति रिपोर्ट प्रस्तुत की। राज्य में अपराध नियंत्रण और कानून व्यवस्था को लेकर विभाग द्वारा लगातार समीक्षा बैठकें आयोजित की जा रही हैं। अधिकारियों को निर्देश दिए गए कि आमजन की शिकायतों का त्वरित निस्तारण सुनिश्चित करें तथा संवेदनशील क्षेत्रों में गश्त बढ़ाई जाए। इस दौरान साइबर अपराध, महिला अत्याचार एवं मादक पदार्थों की तस्करी पर विशेष अभियान चलाने के भी निर्देश दिए गए। बैठक में विभिन्न जिलों के पुलिस अधीक्षक एवं वरिष्ठ अधिकारी उपस्थित रहे और उन्होंने अपने क्षेत्र की प्रगति रिपोर्ट प्रस्तुत की।
